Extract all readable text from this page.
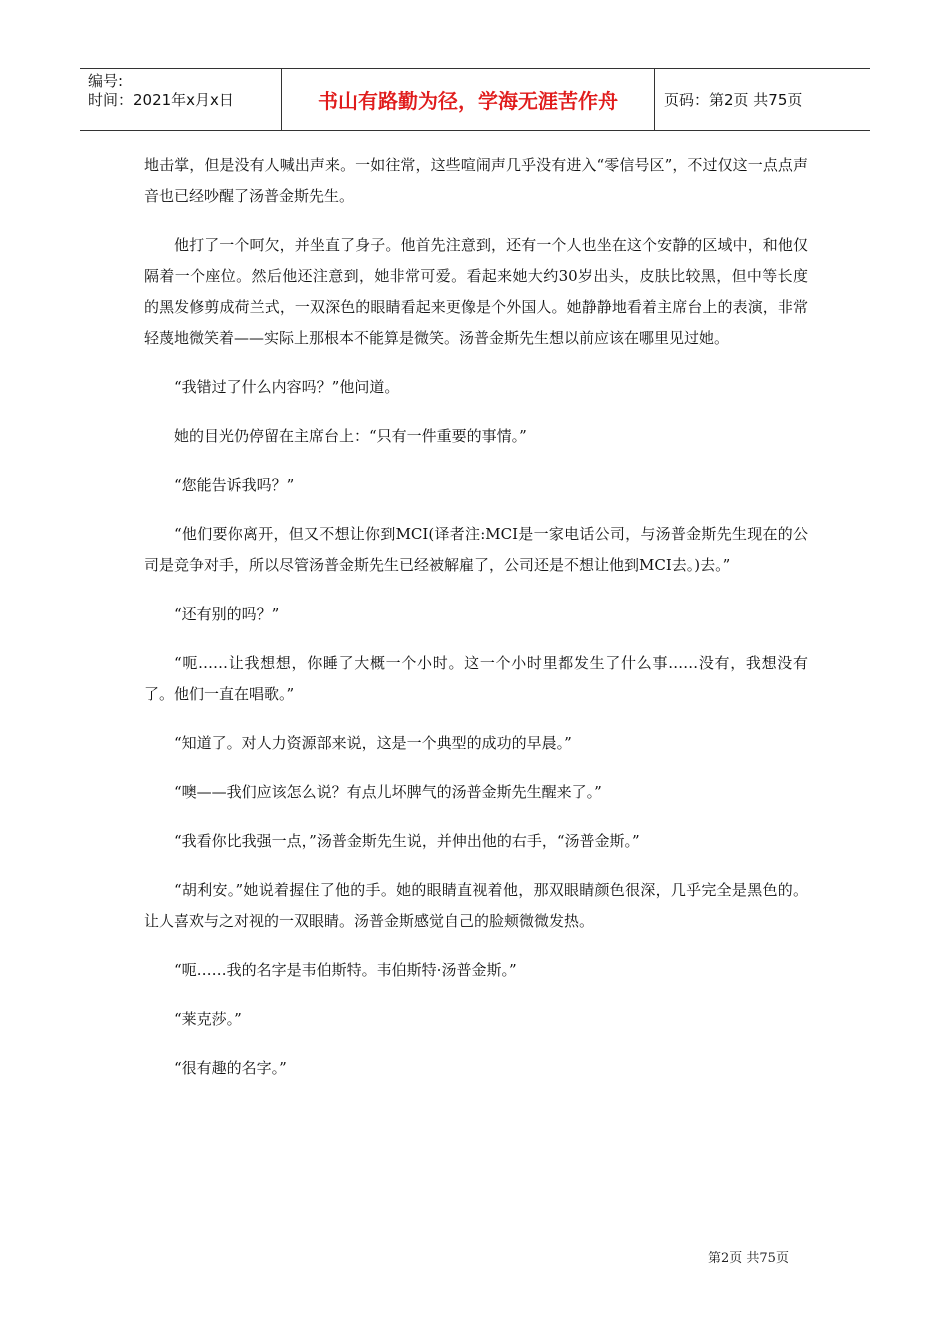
编号:
时间：2021年x月x日	书山有路勤为径，学海无涯苦作舟	页码：第2页 共75页

地击掌，但是没有人喊出声来。一如往常，这些喧闹声几乎没有进入“零信号区”，不过仅这一点点声音也已经吵醒了汤普金斯先生。

他打了一个呵欠，并坐直了身子。他首先注意到，还有一个人也坐在这个安静的区域中，和他仅隔着一个座位。然后他还注意到，她非常可爱。看起来她大约30岁出头，皮肤比较黑，但中等长度的黑发修剪成荷兰式，一双深色的眼睛看起来更像是个外国人。她静静地看着主席台上的表演，非常轻蔑地微笑着——实际上那根本不能算是微笑。汤普金斯先生想以前应该在哪里见过她。

“我错过了什么内容吗？”他问道。

她的目光仍停留在主席台上：“只有一件重要的事情。”

“您能告诉我吗？”

“他们要你离开，但又不想让你到MCI(译者注:MCI是一家电话公司，与汤普金斯先生现在的公司是竞争对手，所以尽管汤普金斯先生已经被解雇了，公司还是不想让他到MCI去。)去。”

“还有别的吗？”

“呃……让我想想，你睡了大概一个小时。这一个小时里都发生了什么事……没有，我想没有了。他们一直在唱歌。”

“知道了。对人力资源部来说，这是一个典型的成功的早晨。”

“噢——我们应该怎么说？有点儿坏脾气的汤普金斯先生醒来了。”

“我看你比我强一点，”汤普金斯先生说，并伸出他的右手，“汤普金斯。”

“胡利安。”她说着握住了他的手。她的眼睛直视着他，那双眼睛颜色很深，几乎完全是黑色的。让人喜欢与之对视的一双眼睛。汤普金斯感觉自己的脸颊微微发热。

“呃……我的名字是韦伯斯特。韦伯斯特·汤普金斯。”

“莱克莎。”

“很有趣的名字。”

第2页 共75页
